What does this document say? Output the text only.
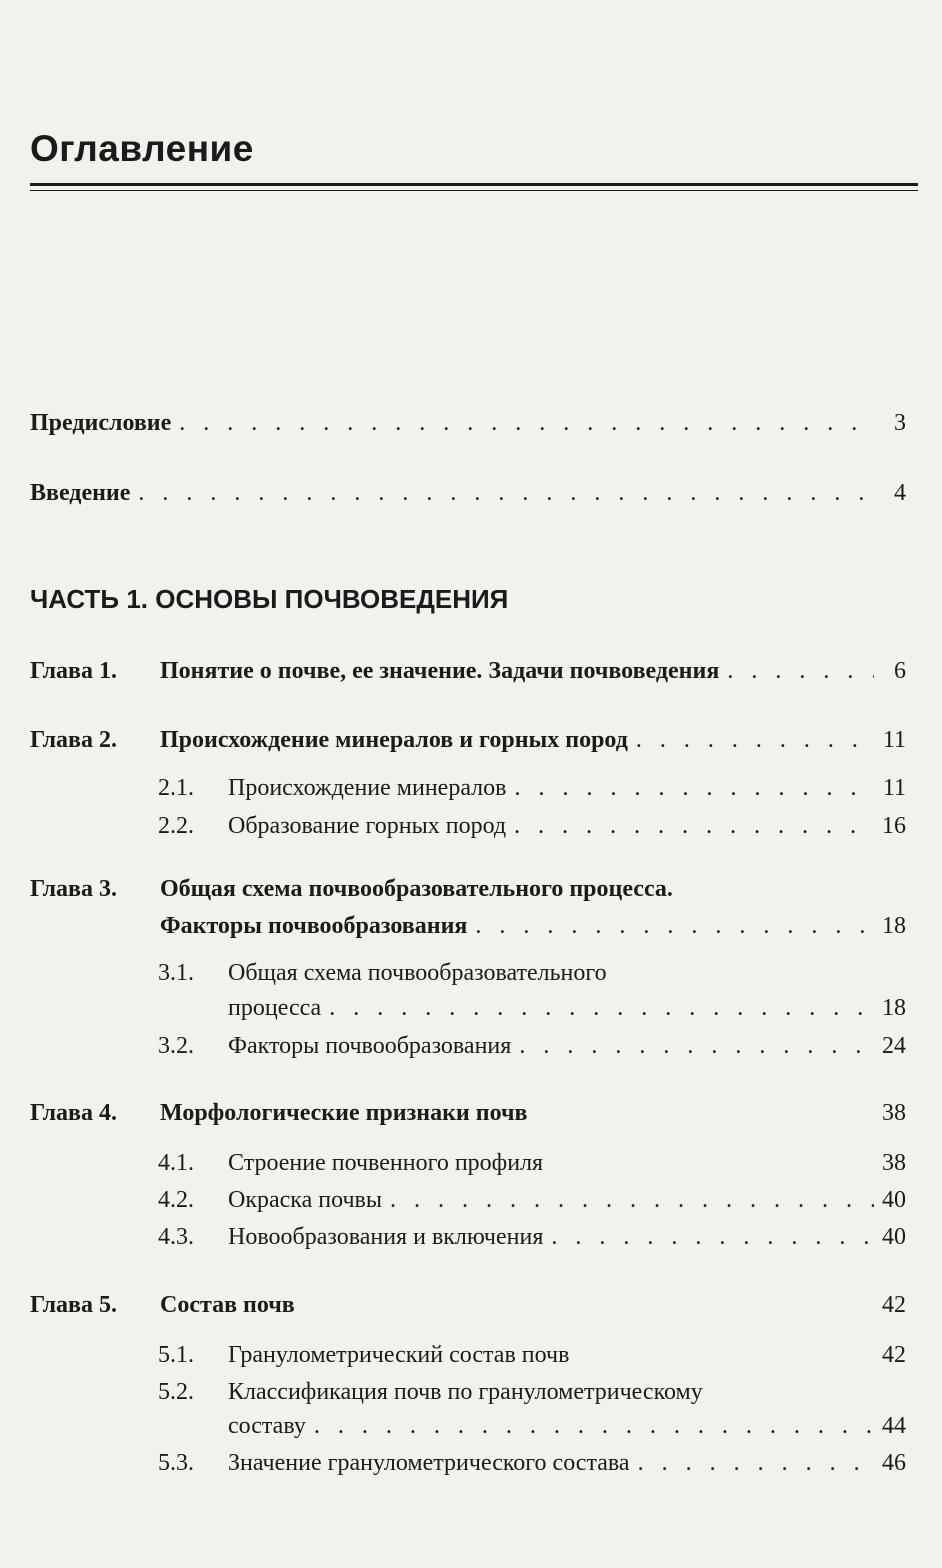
Оглавление
Предисловие . . .	3
Введение . . .	4
ЧАСТЬ 1. ОСНОВЫ ПОЧВОВЕДЕНИЯ
Глава 1.	Понятие о почве, ее значение. Задачи почвоведения . . .	6
Глава 2.	Происхождение минералов и горных пород . . .	11
2.1.	Происхождение минералов . . .	11
2.2.	Образование горных пород . . .	16
Глава 3. Общая схема почвообразовательного процесса.
Факторы почвообразования . . .	18
3.1. Общая схема почвообразовательного
процесса . . .	18
3.2.	Факторы почвообразования . . .	24
Глава 4.	Морфологические признаки почв	38
4.1.	Строение почвенного профиля	38
4.2.	Окраска почвы . . .	40
4.3.	Новообразования и включения . . .	40
Глава 5.	Состав почв	42
5.1.	Гранулометрический состав почв	42
5.2. Классификация почв по гранулометрическому
составу . . .	44
5.3.	Значение гранулометрического состава . . .	46
